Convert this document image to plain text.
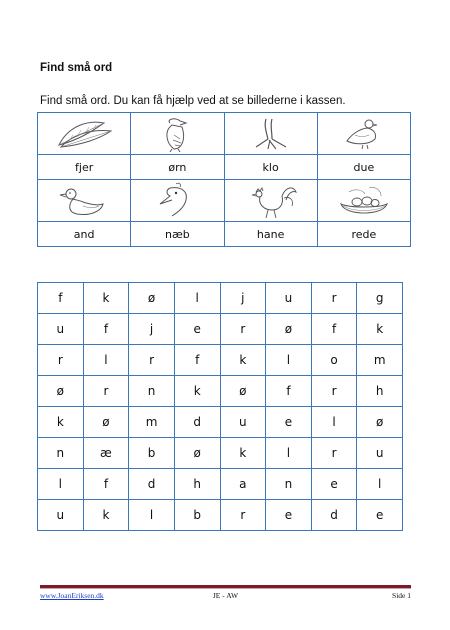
Find små ord
Find små ord. Du kan få hjælp ved at se billederne i kassen.

fjer	ørn	klo	due

and	næb	hane	rede
f	k	ø	l	j	u	r	g
u	f	j	e	r	ø	f	k
r	l	r	f	k	l	o	m
ø	r	n	k	ø	f	r	h
k	ø	m	d	u	e	l	ø
n	æ	b	ø	k	l	r	u
l	f	d	h	a	n	e	l
u	k	l	b	r	e	d	e
JE - AW
www.JoanEriksen.dk	Side 1
